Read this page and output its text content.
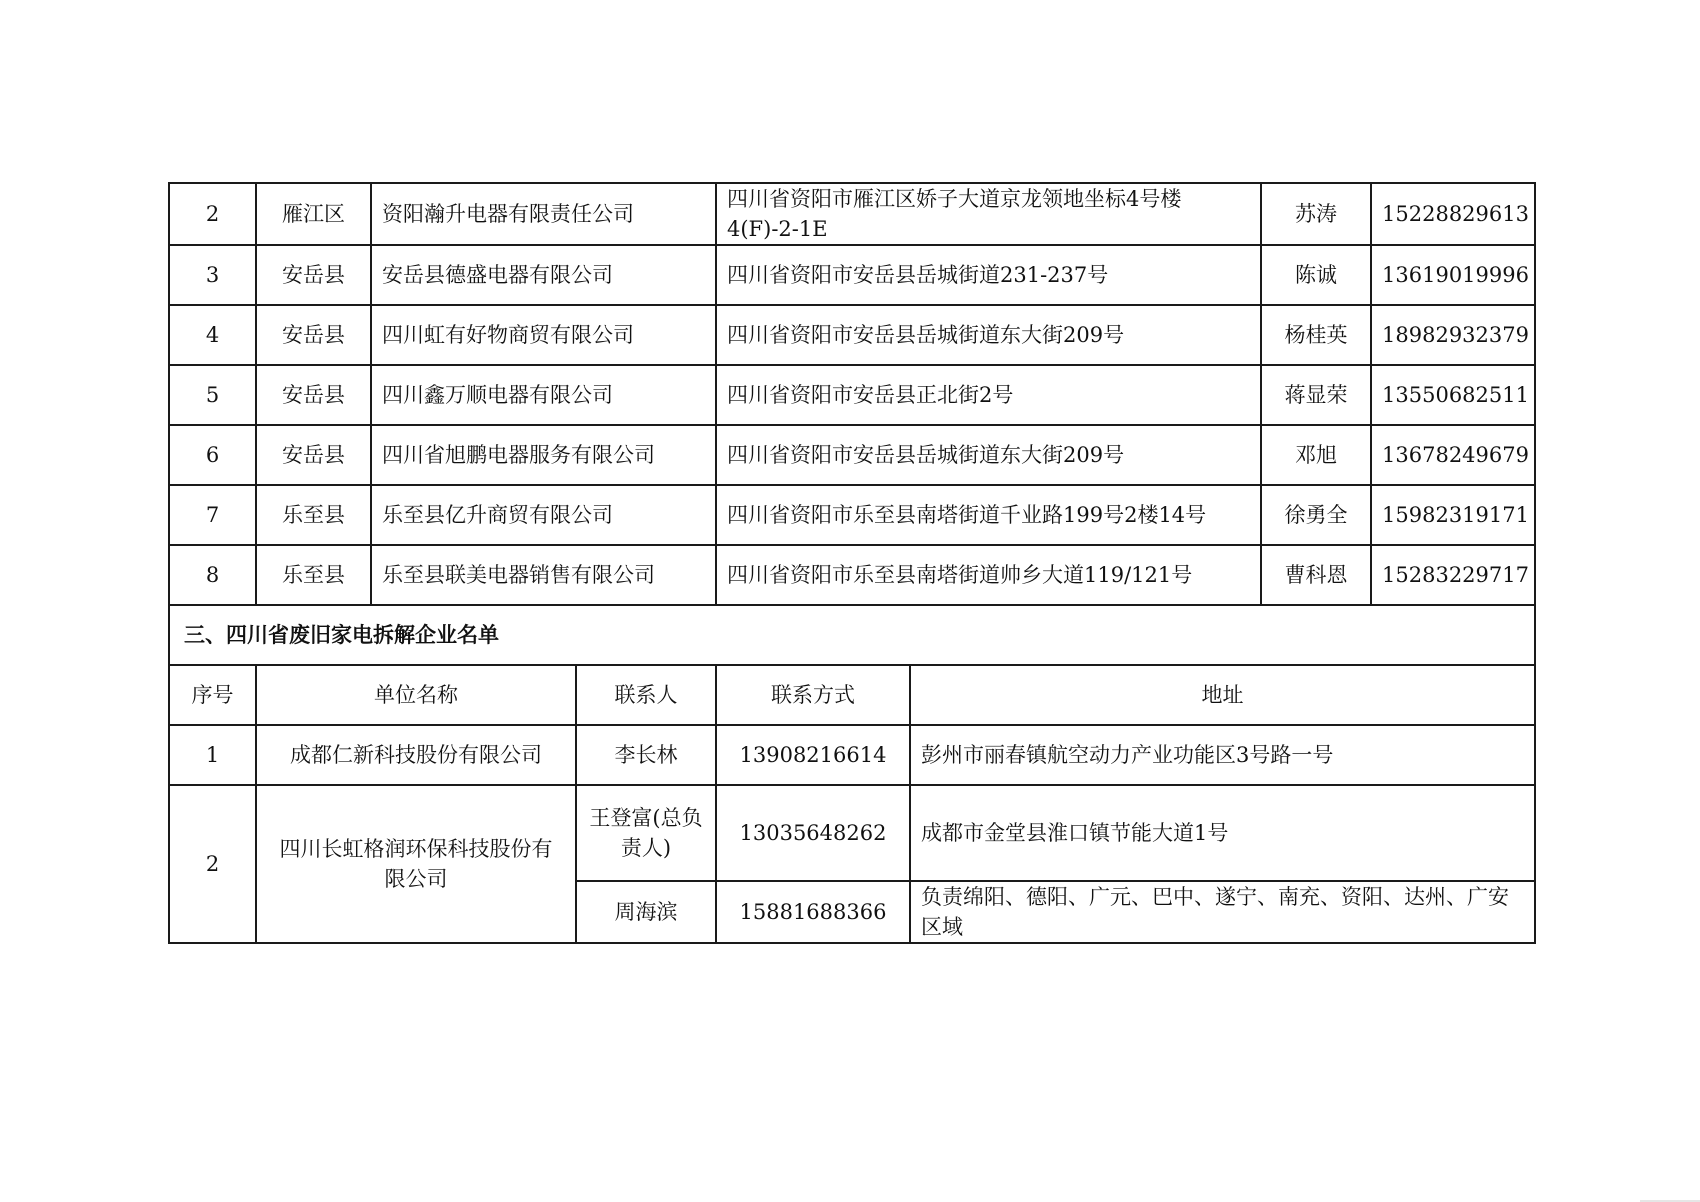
2	雁江区	资阳瀚升电器有限责任公司		四川省资阳市雁江区娇子大道京龙领地坐标4号楼4(F)-2-1E		苏涛	15228829613
3	安岳县	安岳县德盛电器有限公司		四川省资阳市安岳县岳城街道231-237号		陈诚	13619019996
4	安岳县	四川虹有好物商贸有限公司		四川省资阳市安岳县岳城街道东大街209号		杨桂英	18982932379
5	安岳县	四川鑫万顺电器有限公司		四川省资阳市安岳县正北街2号		蒋显荣	13550682511
6	安岳县	四川省旭鹏电器服务有限公司		四川省资阳市安岳县岳城街道东大街209号		邓旭	13678249679
7	乐至县	乐至县亿升商贸有限公司		四川省资阳市乐至县南塔街道千业路199号2楼14号		徐勇全	15982319171
8	乐至县	乐至县联美电器销售有限公司		四川省资阳市乐至县南塔街道帅乡大道119/121号		曹科恩	15283229717
三、四川省废旧家电拆解企业名单							
序号	单位名称		联系人	联系方式	地址		
1	成都仁新科技股份有限公司		李长林	13908216614	彭州市丽春镇航空动力产业功能区3号路一号		
2	四川长虹格润环保科技股份有限公司		王登富(总负责人)	13035648262	成都市金堂县淮口镇节能大道1号		
			周海滨	15881688366	负责绵阳、德阳、广元、巴中、遂宁、南充、资阳、达州、广安区域		
